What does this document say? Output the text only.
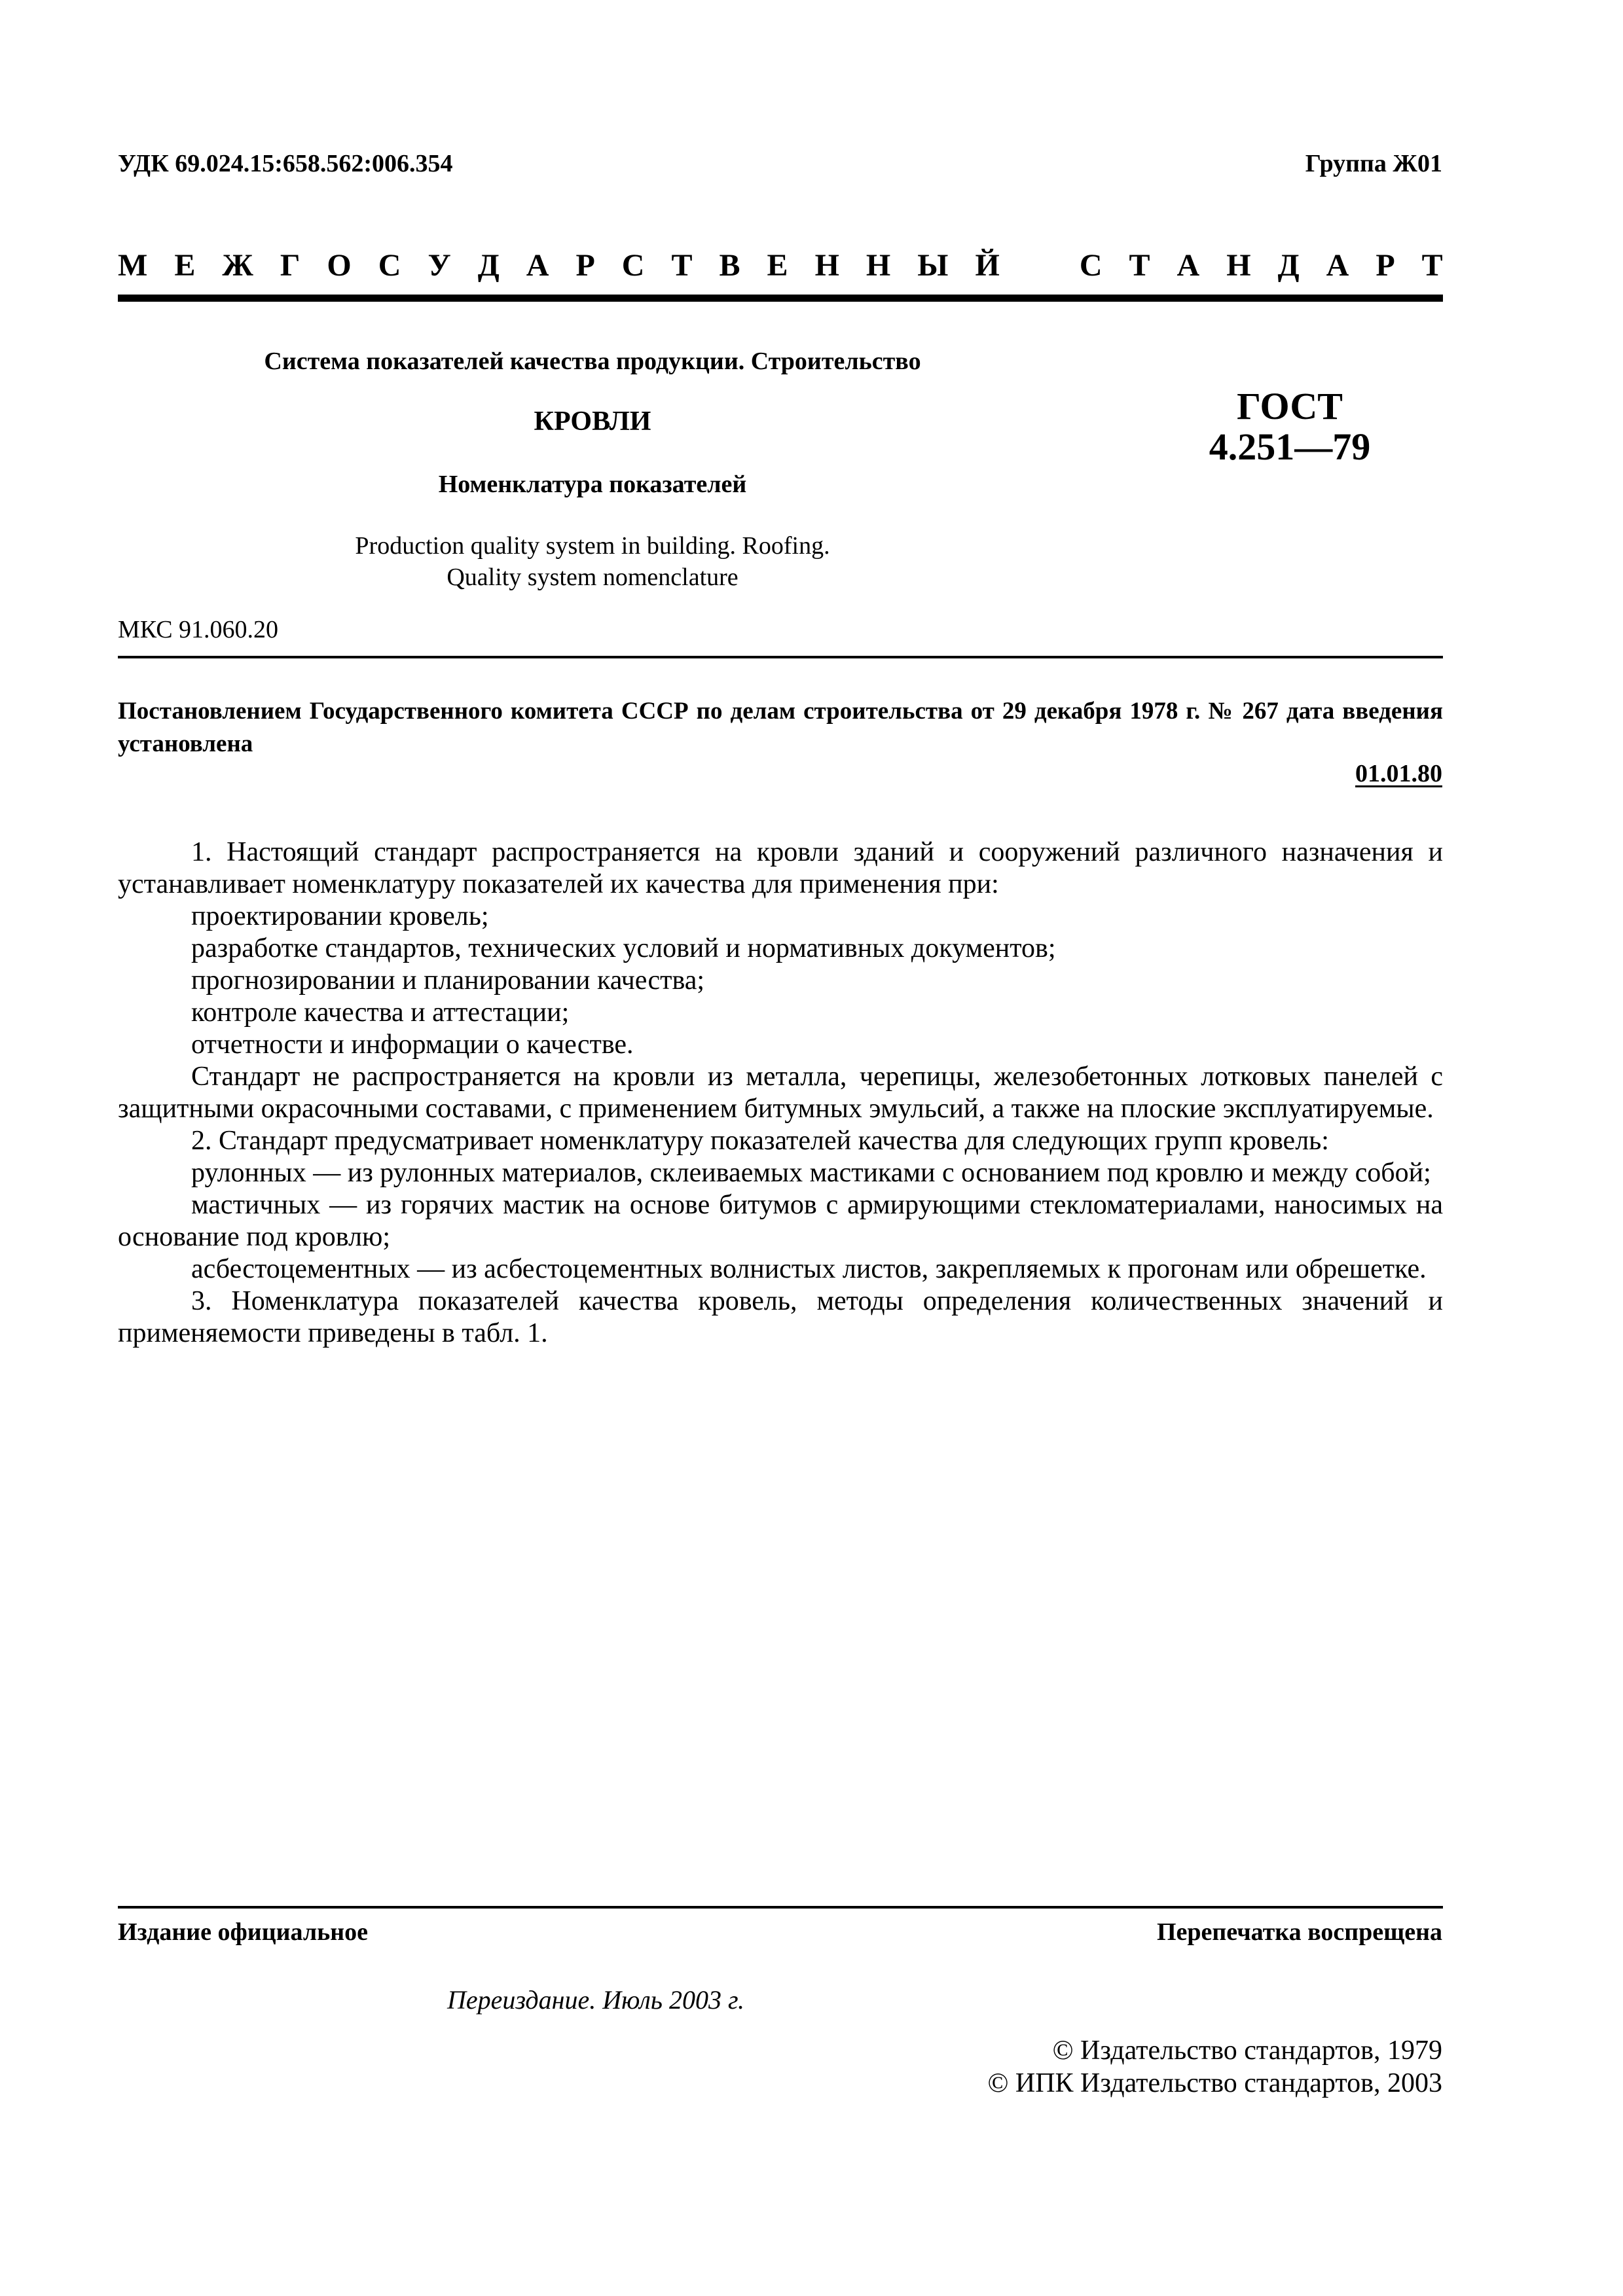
УДК 69.024.15:658.562:006.354	Группа Ж01
М Е Ж Г О С У Д А Р С Т В Е Н Н Ы Й	С Т А Н Д А Р Т
Система показателей качества продукции. Строительство
КРОВЛИ
Номенклатура показателей
Production quality system in building. Roofing.
Quality system nomenclature
ГОСТ
4.251—79
МКС 91.060.20
Постановлением Государственного комитета СССР по делам строительства от 29 декабря 1978 г. № 267 дата введения установлена
01.01.80

1. Настоящий стандарт распространяется на кровли зданий и сооружений различного назначения и устанавливает номенклатуру показателей их качества для применения при:

проектировании кровель;

разработке стандартов, технических условий и нормативных документов;

прогнозировании и планировании качества;

контроле качества и аттестации;

отчетности и информации о качестве.

Стандарт не распространяется на кровли из металла, черепицы, железобетонных лотковых панелей с защитными окрасочными составами, с применением битумных эмульсий, а также на плоские эксплуатируемые.

2. Стандарт предусматривает номенклатуру показателей качества для следующих групп кровель:

рулонных — из рулонных материалов, склеиваемых мастиками с основанием под кровлю и между собой;

мастичных — из горячих мастик на основе битумов с армирующими стекломатериалами, наносимых на основание под кровлю;

асбестоцементных — из асбестоцементных волнистых листов, закрепляемых к прогонам или обрешетке.

3. Номенклатура показателей качества кровель, методы определения количественных значений и применяемости приведены в табл. 1.

Издание официальное	Перепечатка воспрещена
Переиздание. Июль 2003 г.
© Издательство стандартов, 1979
© ИПК Издательство стандартов, 2003
